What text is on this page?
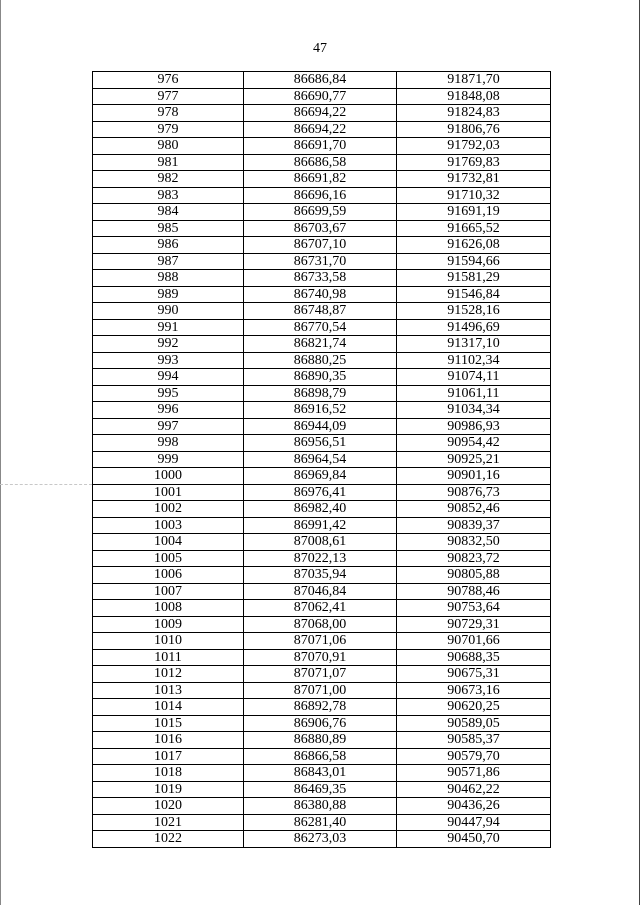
47
976	86686,84	91871,70
977	86690,77	91848,08
978	86694,22	91824,83
979	86694,22	91806,76
980	86691,70	91792,03
981	86686,58	91769,83
982	86691,82	91732,81
983	86696,16	91710,32
984	86699,59	91691,19
985	86703,67	91665,52
986	86707,10	91626,08
987	86731,70	91594,66
988	86733,58	91581,29
989	86740,98	91546,84
990	86748,87	91528,16
991	86770,54	91496,69
992	86821,74	91317,10
993	86880,25	91102,34
994	86890,35	91074,11
995	86898,79	91061,11
996	86916,52	91034,34
997	86944,09	90986,93
998	86956,51	90954,42
999	86964,54	90925,21
1000	86969,84	90901,16
1001	86976,41	90876,73
1002	86982,40	90852,46
1003	86991,42	90839,37
1004	87008,61	90832,50
1005	87022,13	90823,72
1006	87035,94	90805,88
1007	87046,84	90788,46
1008	87062,41	90753,64
1009	87068,00	90729,31
1010	87071,06	90701,66
1011	87070,91	90688,35
1012	87071,07	90675,31
1013	87071,00	90673,16
1014	86892,78	90620,25
1015	86906,76	90589,05
1016	86880,89	90585,37
1017	86866,58	90579,70
1018	86843,01	90571,86
1019	86469,35	90462,22
1020	86380,88	90436,26
1021	86281,40	90447,94
1022	86273,03	90450,70
